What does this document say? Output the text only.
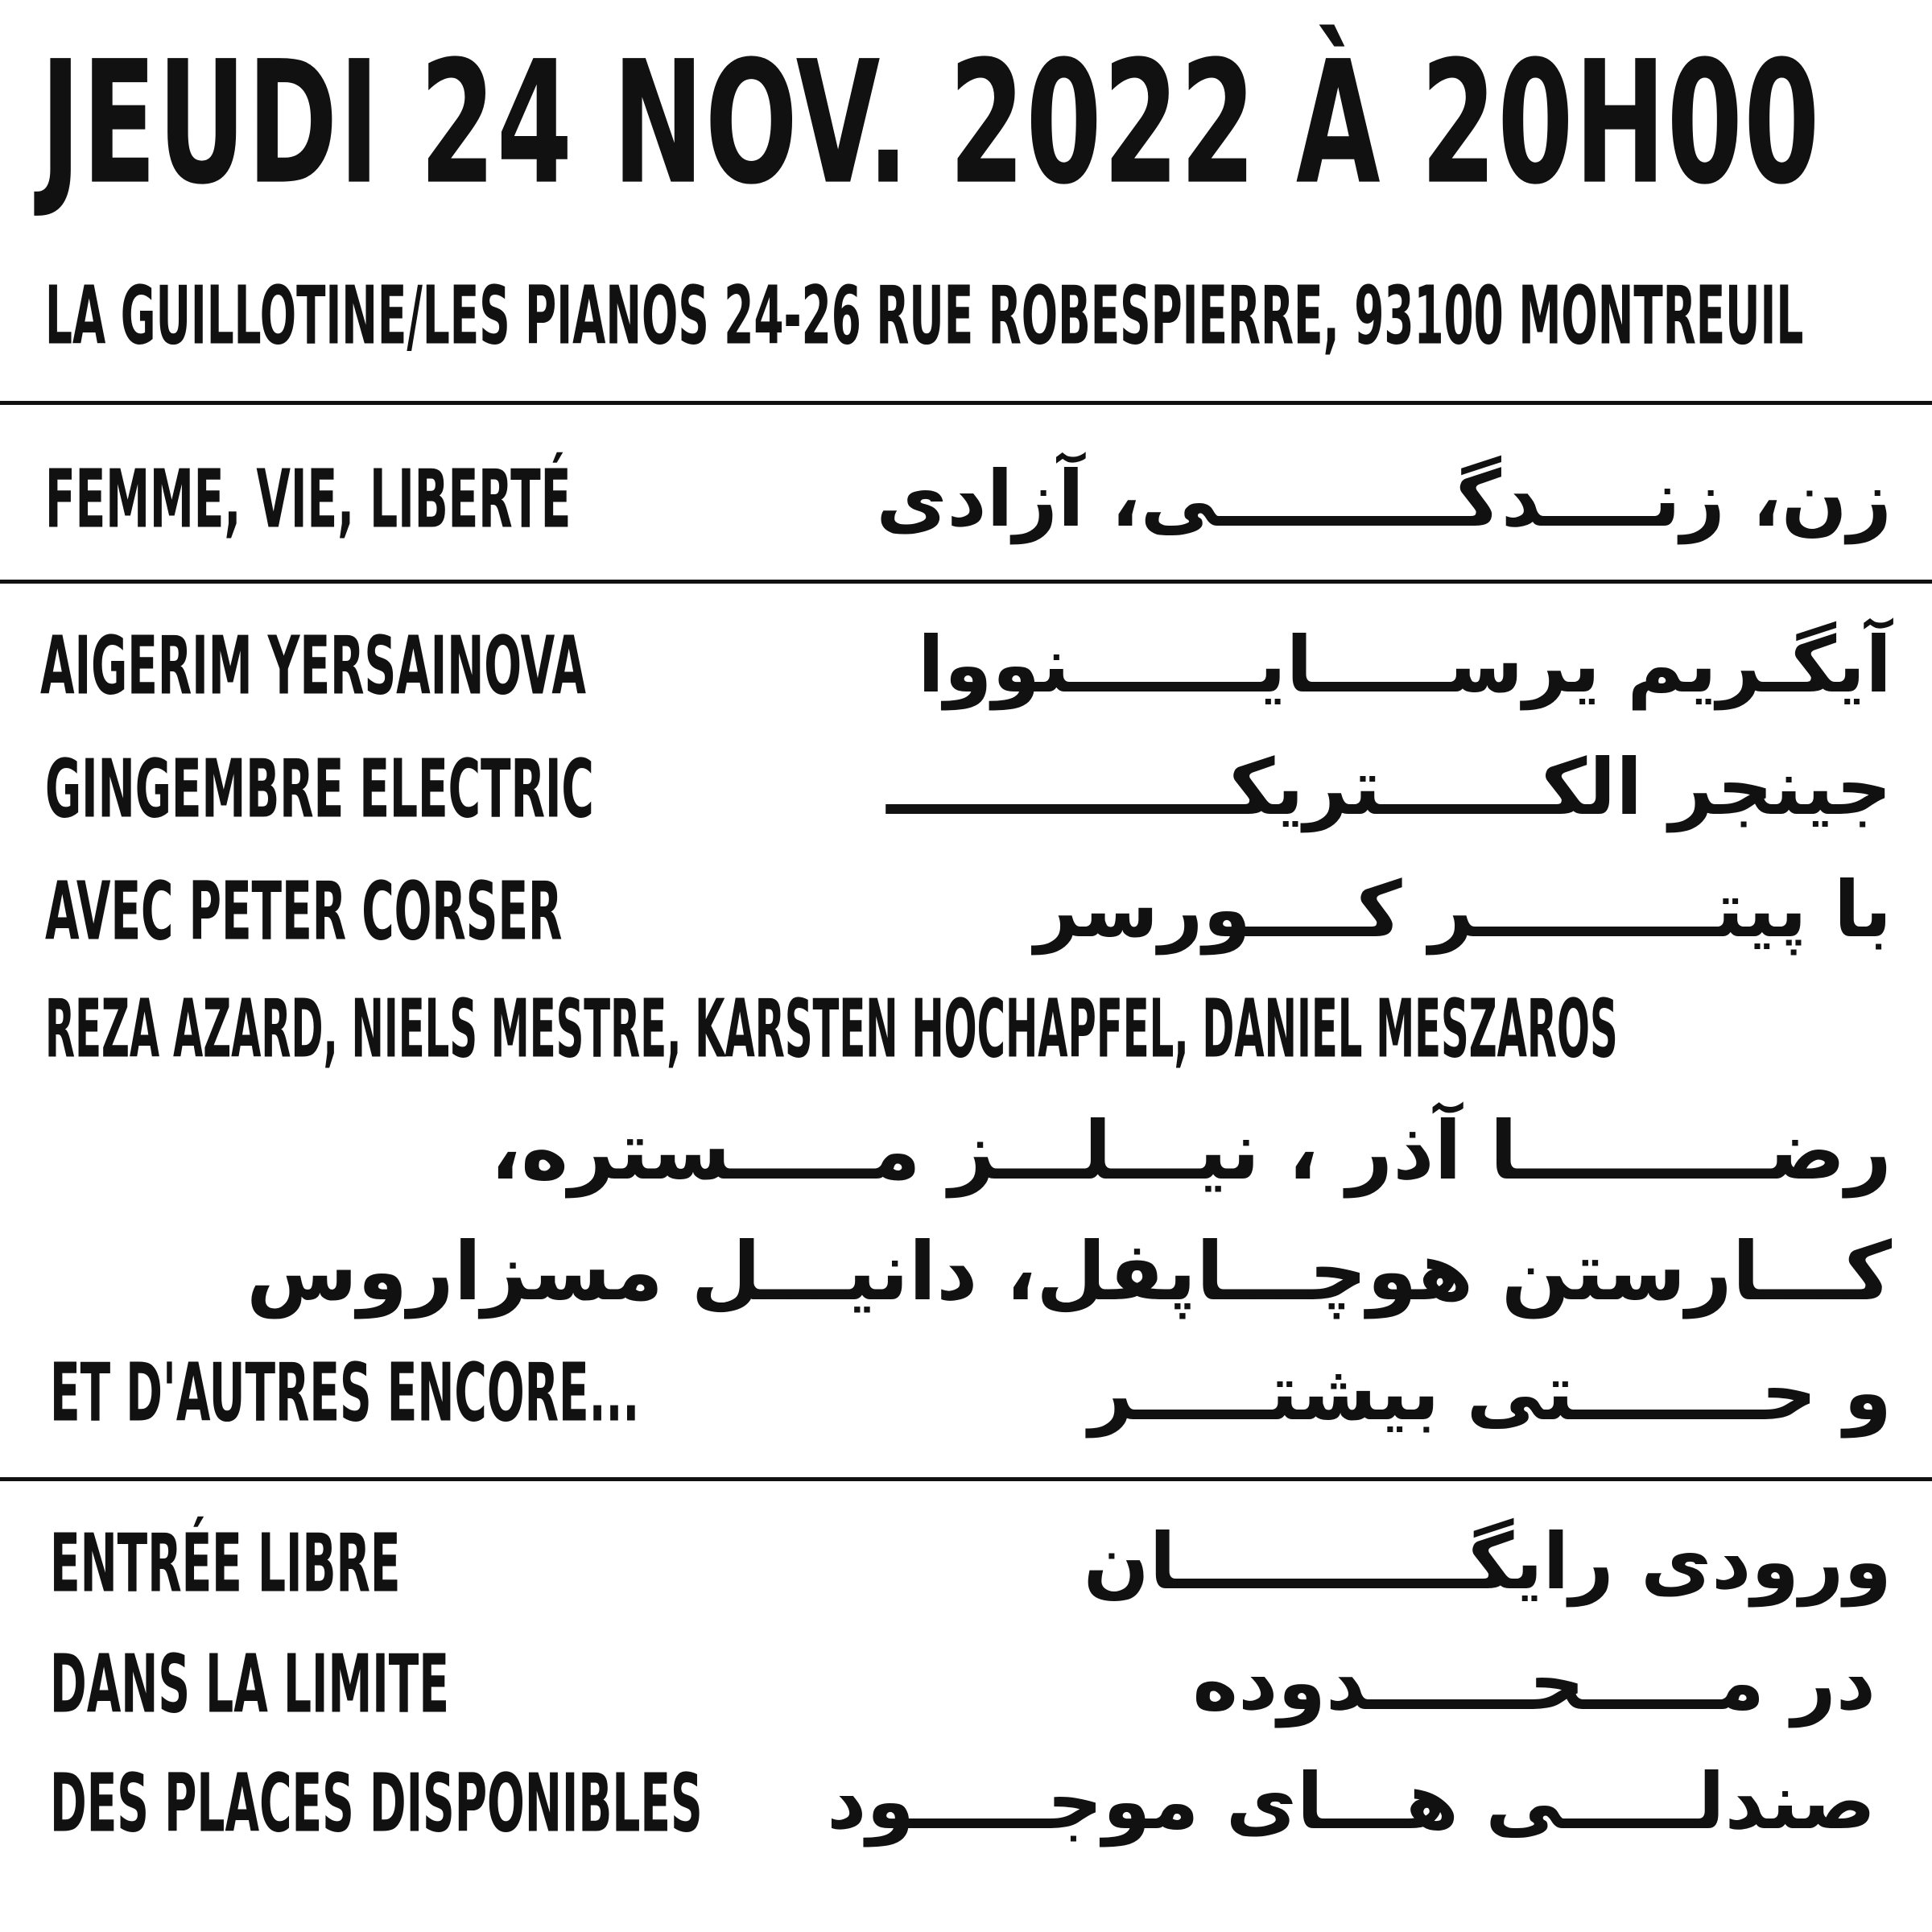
JEUDI 24 NOV. 2022 À 20H00
LA GUILLOTINE/LES PIANOS 24-26 RUE ROBESPIERRE, 93100 MONTREUIL
FEMME, VIE, LIBERTÉ	زن، زنــــدگـــــــــی، آزادی
AIGERIM YERSAINOVA	آیگـریم یرســـــایـــــــنووا
GINGEMBRE ELECTRIC	جینجر الکــــــتریکـــــــــــــ
AVEC PETER CORSER	با پیتـــــــــر کــــورسر
REZA AZARD, NIELS MESTRE, KARSTEN HOCHAPFEL, DANIEL MESZAROS
رضـــــــــا آذر ، نیـــلـــز مـــــستره،
کـــارستن هوچـــاپفل، دانیـــل مسزاروس
ET D'AUTRES ENCORE...	و حـــــــتی بیشتـــــر
ENTRÉE LIBRE	ورودی رایگـــــــــــان
DANS LA LIMITE	در مـــــحــــــدوده
DES PLACES DISPONIBLES صندلـــــی هـــای موجـــــود
